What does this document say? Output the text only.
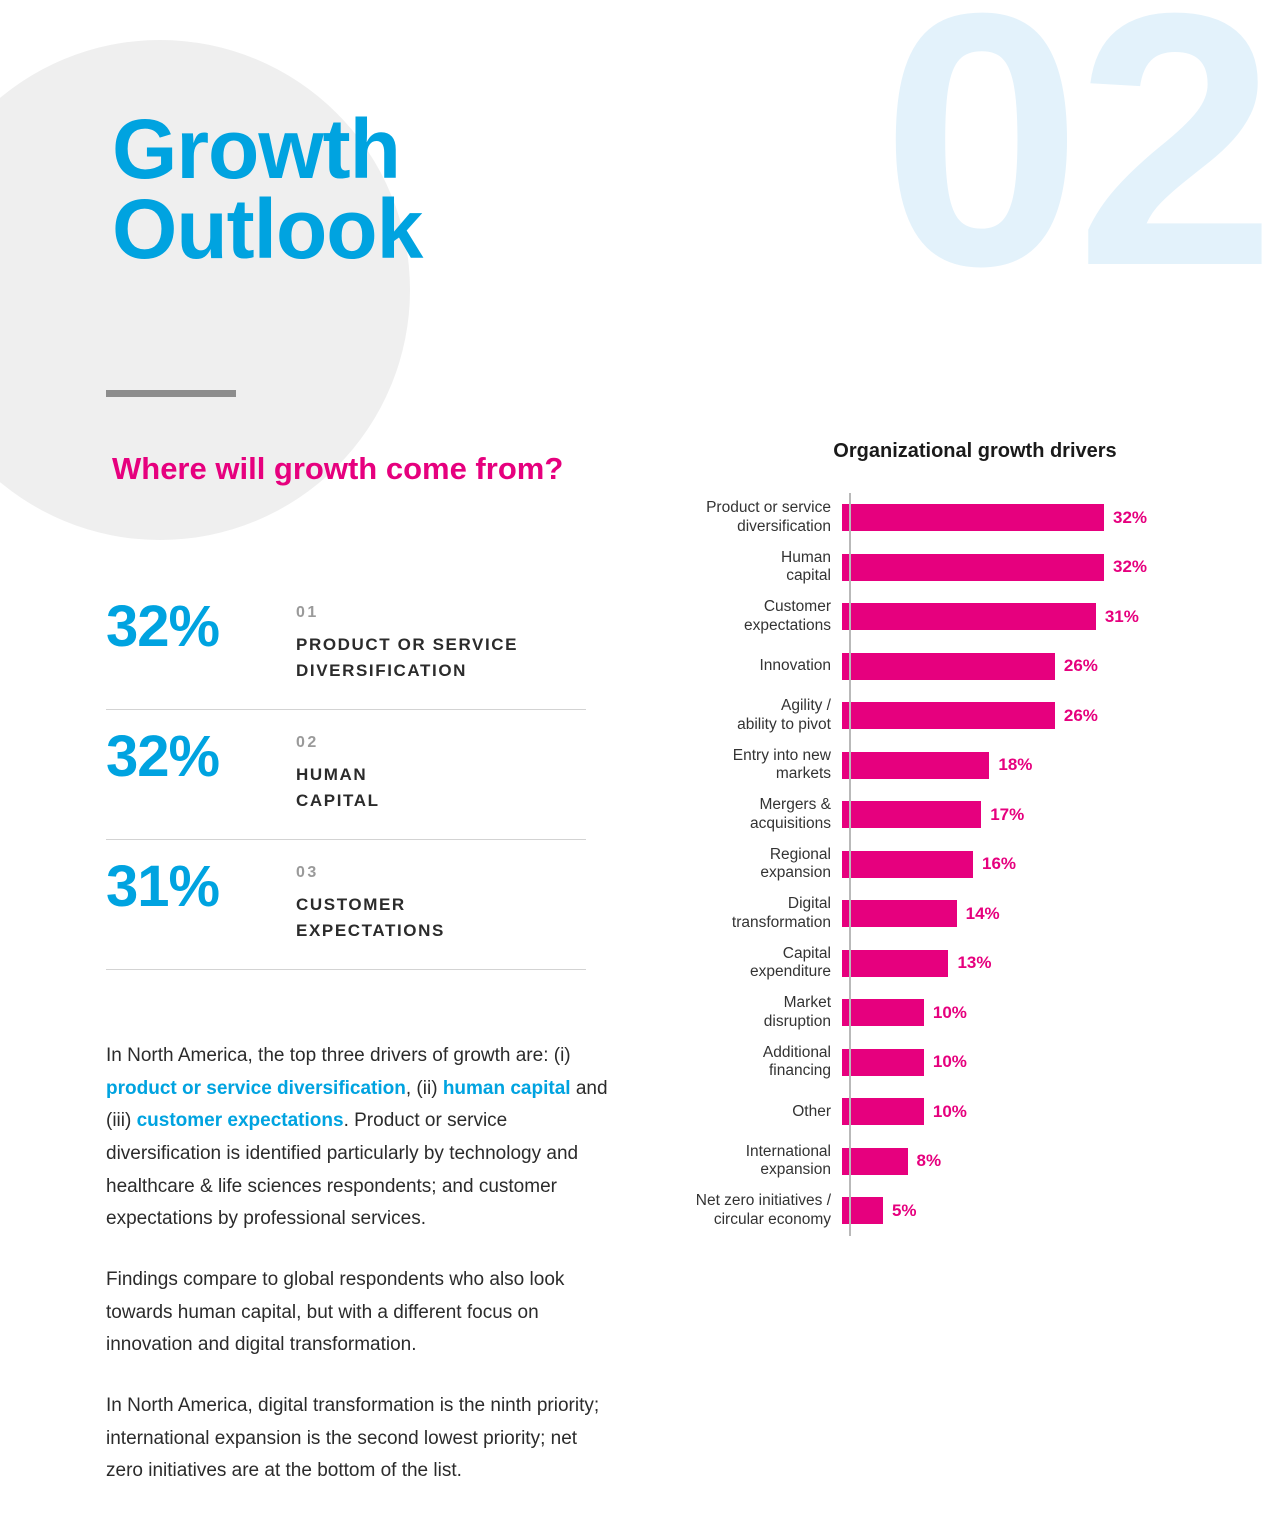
02
Growth
Outlook
Where will growth come from?
32%	01
PRODUCT OR SERVICE
DIVERSIFICATION
32%	02
HUMAN
CAPITAL
31%	03
CUSTOMER
EXPECTATIONS

In North America, the top three drivers of growth are: (i) product or service diversification, (ii) human capital and (iii) customer expectations. Product or service diversification is identified particularly by technology and healthcare & life sciences respondents; and customer expectations by professional services.

Findings compare to global respondents who also look towards human capital, but with a different focus on innovation and digital transformation.

In North America, digital transformation is the ninth priority; international expansion is the second lowest priority; net zero initiatives are at the bottom of the list.

Organizational growth drivers
Product or service
diversification	32%
Human
capital	32%
Customer
expectations	31%
Innovation	26%
Agility /
ability to pivot	26%
Entry into new
markets	18%
Mergers &
acquisitions	17%
Regional
expansion	16%
Digital
transformation	14%
Capital
expenditure	13%
Market
disruption	10%
Additional
financing	10%
Other	10%
International
expansion	8%
Net zero initiatives /
circular economy	5%
